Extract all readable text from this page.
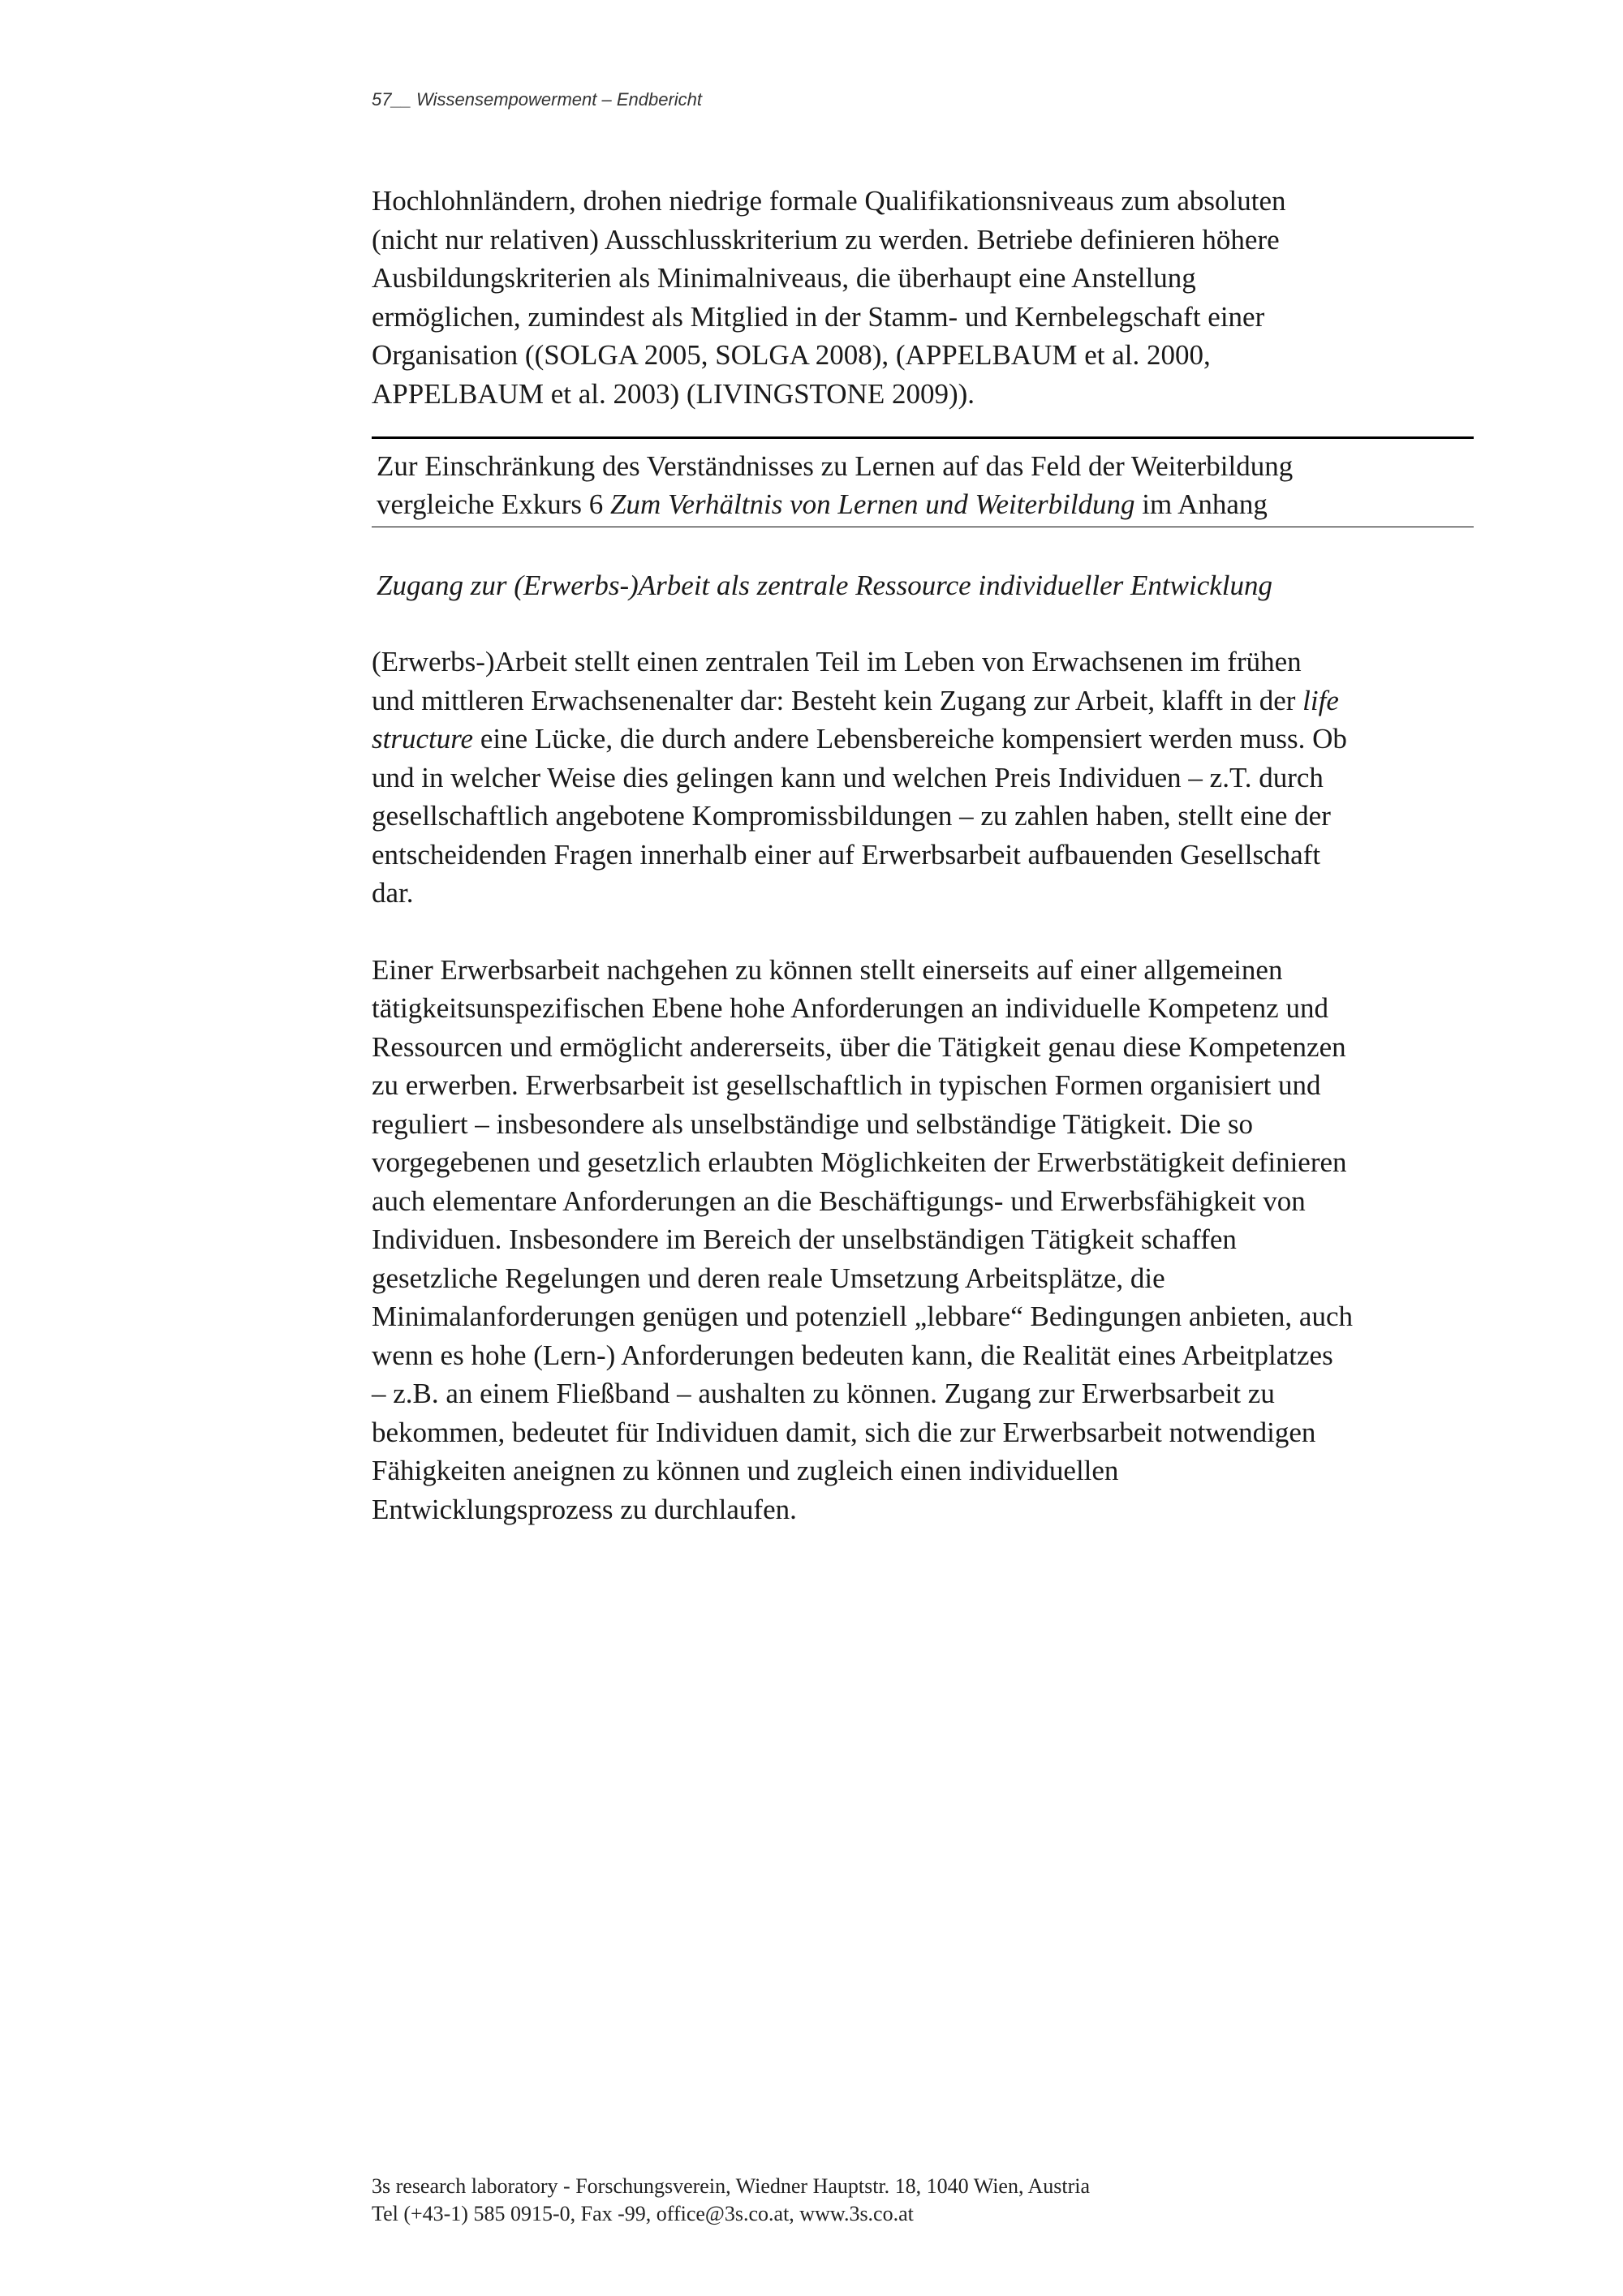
57__ Wissensempowerment – Endbericht

Hochlohnländern, drohen niedrige formale Qualifikationsniveaus zum absoluten
(nicht nur relativen) Ausschlusskriterium zu werden. Betriebe definieren höhere
Ausbildungskriterien als Minimalniveaus, die überhaupt eine Anstellung
ermöglichen, zumindest als Mitglied in der Stamm- und Kernbelegschaft einer
Organisation ((SOLGA 2005, SOLGA 2008), (APPELBAUM et al. 2000,
APPELBAUM et al. 2003) (LIVINGSTONE 2009)).

Zur Einschränkung des Verständnisses zu Lernen auf das Feld der Weiterbildung
vergleiche Exkurs 6 Zum Verhältnis von Lernen und Weiterbildung im Anhang

Zugang zur (Erwerbs-)Arbeit als zentrale Ressource individueller Entwicklung

(Erwerbs-)Arbeit stellt einen zentralen Teil im Leben von Erwachsenen im frühen
und mittleren Erwachsenenalter dar: Besteht kein Zugang zur Arbeit, klafft in der life
structure eine Lücke, die durch andere Lebensbereiche kompensiert werden muss. Ob
und in welcher Weise dies gelingen kann und welchen Preis Individuen – z.T. durch
gesellschaftlich angebotene Kompromissbildungen – zu zahlen haben, stellt eine der
entscheidenden Fragen innerhalb einer auf Erwerbsarbeit aufbauenden Gesellschaft
dar.

Einer Erwerbsarbeit nachgehen zu können stellt einerseits auf einer allgemeinen
tätigkeitsunspezifischen Ebene hohe Anforderungen an individuelle Kompetenz und
Ressourcen und ermöglicht andererseits, über die Tätigkeit genau diese Kompetenzen
zu erwerben. Erwerbsarbeit ist gesellschaftlich in typischen Formen organisiert und
reguliert – insbesondere als unselbständige und selbständige Tätigkeit. Die so
vorgegebenen und gesetzlich erlaubten Möglichkeiten der Erwerbstätigkeit definieren
auch elementare Anforderungen an die Beschäftigungs- und Erwerbsfähigkeit von
Individuen. Insbesondere im Bereich der unselbständigen Tätigkeit schaffen
gesetzliche Regelungen und deren reale Umsetzung Arbeitsplätze, die
Minimalanforderungen genügen und potenziell „lebbare“ Bedingungen anbieten, auch
wenn es hohe (Lern-) Anforderungen bedeuten kann, die Realität eines Arbeitplatzes
– z.B. an einem Fließband – aushalten zu können. Zugang zur Erwerbsarbeit zu
bekommen, bedeutet für Individuen damit, sich die zur Erwerbsarbeit notwendigen
Fähigkeiten aneignen zu können und zugleich einen individuellen
Entwicklungsprozess zu durchlaufen.

3s research laboratory - Forschungsverein, Wiedner Hauptstr. 18, 1040 Wien, Austria
Tel (+43-1) 585 0915-0, Fax -99, office@3s.co.at, www.3s.co.at
